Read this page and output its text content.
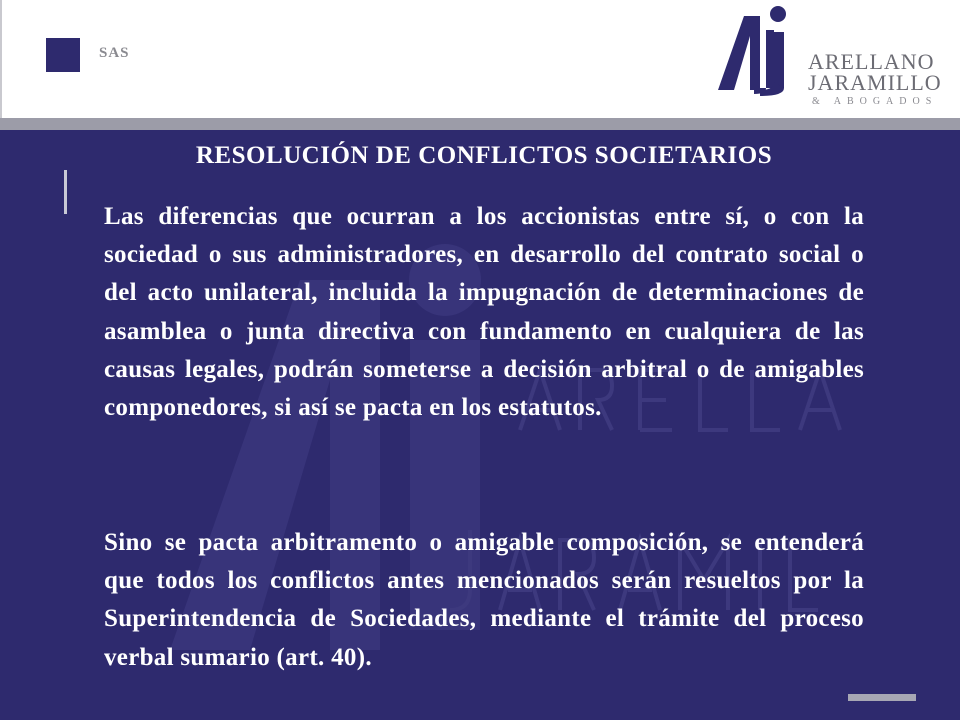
SAS	ARELLANO
JARAMILLO
& ABOGADOS
RESOLUCIÓN DE CONFLICTOS SOCIETARIOS
Las diferencias que ocurran a los accionistas entre sí, o con la sociedad o sus administradores, en desarrollo del contrato social o del acto unilateral, incluida la impugnación de determinaciones de asamblea o junta directiva con fundamento en cualquiera de las causas legales, podrán someterse a decisión arbitral o de amigables componedores, si así se pacta en los estatutos.
Sino se pacta arbitramento o amigable composición, se entenderá que todos los conflictos antes mencionados serán resueltos por la Superintendencia de Sociedades, mediante el trámite del proceso verbal sumario (art. 40).
